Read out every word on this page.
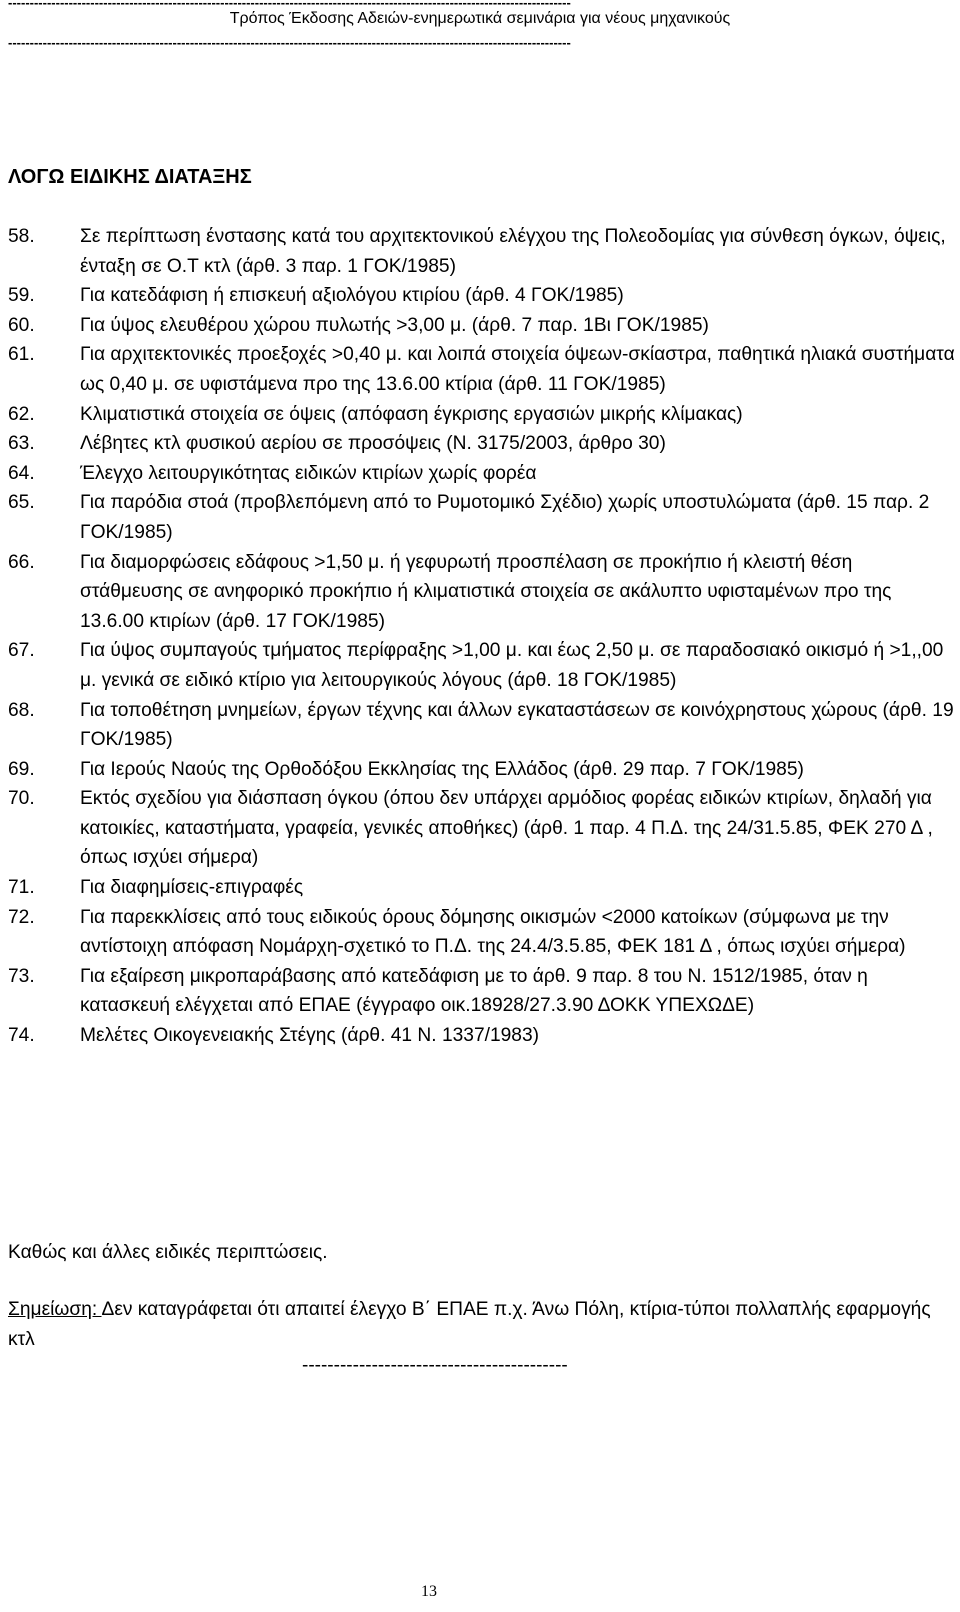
----------------------------------------------------------------------------------------------------------------------------------
Τρόπος Έκδοσης Αδειών-ενημερωτικά σεμινάρια για νέους μηχανικούς
----------------------------------------------------------------------------------------------------------------------------------
ΛΟΓΩ ΕΙΔΙΚΗΣ ΔΙΑΤΑΞΗΣ
58.	Σε περίπτωση ένστασης κατά του αρχιτεκτονικού ελέγχου της Πολεοδομίας για σύνθεση όγκων, όψεις, ένταξη σε Ο.Τ κτλ (άρθ. 3 παρ. 1 ΓΟΚ/1985)
59.	Για κατεδάφιση ή επισκευή αξιολόγου κτιρίου (άρθ. 4 ΓΟΚ/1985)
60.	Για ύψος ελευθέρου χώρου πυλωτής >3,00 μ. (άρθ. 7 παρ. 1Βι ΓΟΚ/1985)
61.	Για αρχιτεκτονικές προεξοχές >0,40 μ. και λοιπά στοιχεία όψεων-σκίαστρα, παθητικά ηλιακά συστήματα ως 0,40 μ. σε υφιστάμενα προ της 13.6.00 κτίρια (άρθ. 11 ΓΟΚ/1985)
62.	Κλιματιστικά στοιχεία σε όψεις (απόφαση έγκρισης εργασιών μικρής κλίμακας)
63.	Λέβητες κτλ φυσικού αερίου σε προσόψεις (Ν. 3175/2003, άρθρο 30)
64.	Έλεγχο λειτουργικότητας ειδικών κτιρίων χωρίς φορέα
65.	Για παρόδια στοά (προβλεπόμενη από το Ρυμοτομικό Σχέδιο) χωρίς υποστυλώματα (άρθ. 15 παρ. 2 ΓΟΚ/1985)
66.	Για διαμορφώσεις εδάφους >1,50 μ. ή γεφυρωτή προσπέλαση σε προκήπιο ή κλειστή θέση στάθμευσης σε ανηφορικό προκήπιο ή κλιματιστικά στοιχεία σε ακάλυπτο υφισταμένων προ της 13.6.00 κτιρίων (άρθ. 17 ΓΟΚ/1985)
67.	Για ύψος συμπαγούς τμήματος περίφραξης >1,00 μ. και έως 2,50 μ. σε παραδοσιακό οικισμό ή >1,,00 μ. γενικά σε ειδικό κτίριο για λειτουργικούς λόγους (άρθ. 18 ΓΟΚ/1985)
68.	Για τοποθέτηση μνημείων, έργων τέχνης και άλλων εγκαταστάσεων σε κοινόχρηστους χώρους (άρθ. 19 ΓΟΚ/1985)
69.	Για Ιερούς Ναούς της Ορθοδόξου Εκκλησίας της Ελλάδος (άρθ. 29 παρ. 7 ΓΟΚ/1985)
70.	Εκτός σχεδίου για διάσπαση όγκου (όπου δεν υπάρχει αρμόδιος φορέας ειδικών κτιρίων, δηλαδή για κατοικίες, καταστήματα, γραφεία, γενικές αποθήκες) (άρθ. 1 παρ. 4 Π.Δ. της 24/31.5.85, ΦΕΚ 270 Δ , όπως ισχύει σήμερα)
71.	Για διαφημίσεις-επιγραφές
72.	Για παρεκκλίσεις από τους ειδικούς όρους δόμησης οικισμών <2000 κατοίκων (σύμφωνα με την αντίστοιχη απόφαση Νομάρχη-σχετικό το Π.Δ. της 24.4/3.5.85, ΦΕΚ 181 Δ , όπως ισχύει σήμερα)
73.	Για εξαίρεση μικροπαράβασης από κατεδάφιση με το άρθ. 9 παρ. 8 του Ν. 1512/1985, όταν η κατασκευή ελέγχεται από ΕΠΑΕ (έγγραφο οικ.18928/27.3.90 ΔΟΚΚ ΥΠΕΧΩΔΕ)
74.	Μελέτες Οικογενειακής Στέγης (άρθ. 41 Ν. 1337/1983)
Καθώς και άλλες ειδικές περιπτώσεις.
Σημείωση: Δεν καταγράφεται ότι απαιτεί έλεγχο Β΄ ΕΠΑΕ π.χ. Άνω Πόλη, κτίρια-τύποι πολλαπλής εφαρμογής κτλ
------------------------------------------
13
